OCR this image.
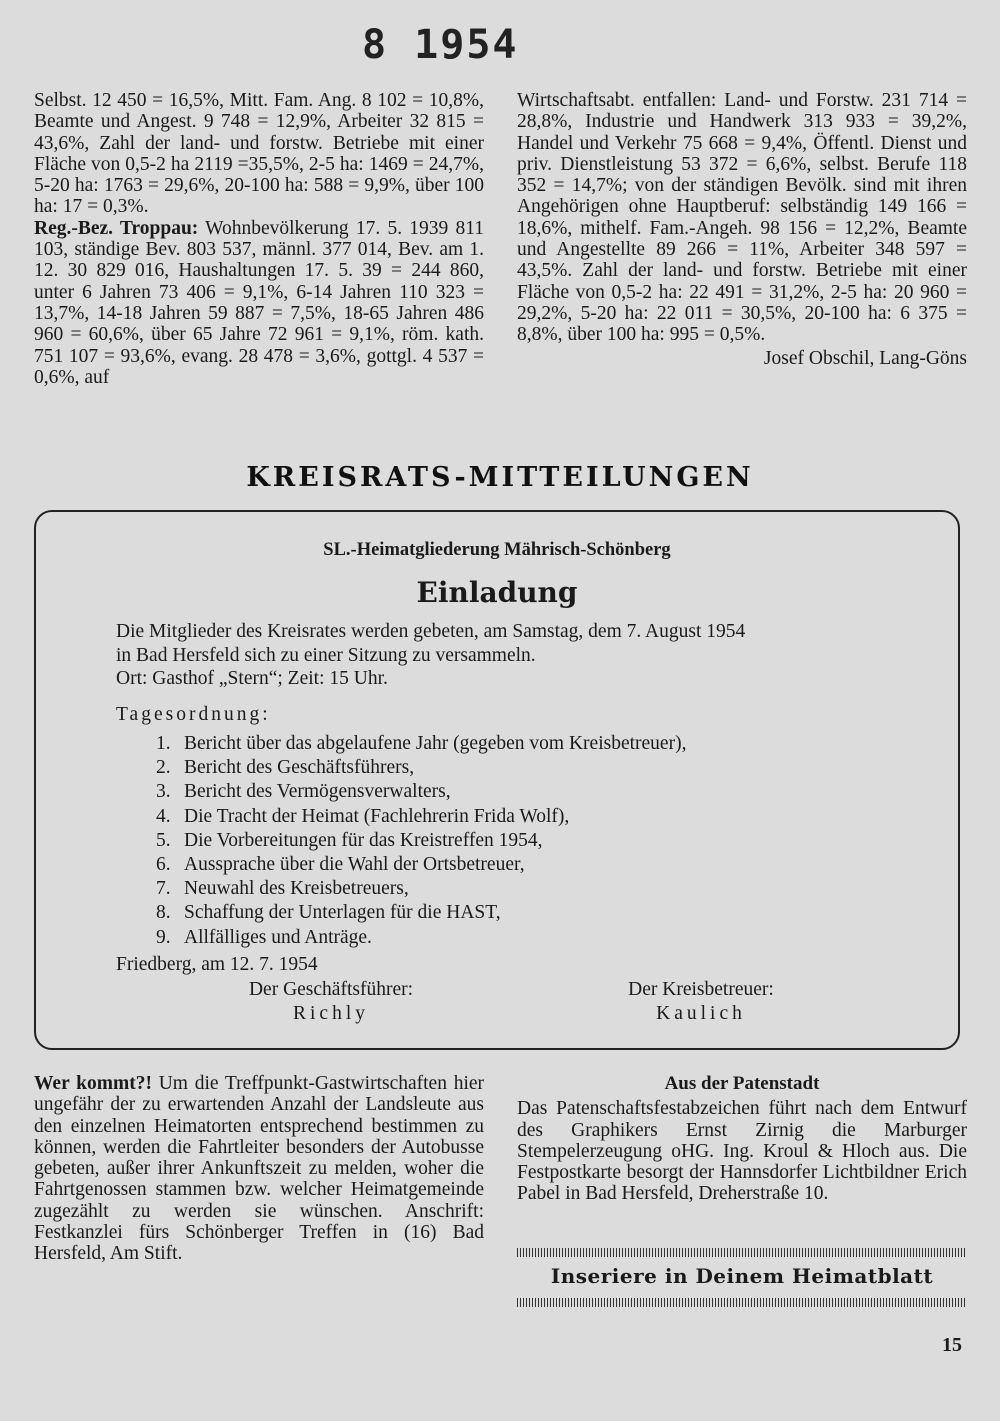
8 1954

Selbst. 12 450 = 16,5%, Mitt. Fam. Ang. 8 102 = 10,8%, Beamte und Angest. 9 748 = 12,9%, Arbeiter 32 815 = 43,6%, Zahl der land- und forstw. Betriebe mit einer Fläche von 0,5-2 ha 2119 =35,5%, 2-5 ha: 1469 = 24,7%, 5-20 ha: 1763 = 29,6%, 20-100 ha: 588 = 9,9%, über 100 ha: 17 = 0,3%.

Reg.-Bez. Troppau: Wohnbevölkerung 17. 5. 1939 811 103, ständige Bev. 803 537, männl. 377 014, Bev. am 1. 12. 30 829 016, Haushaltungen 17. 5. 39 = 244 860, unter 6 Jahren 73 406 = 9,1%, 6-14 Jahren 110 323 = 13,7%, 14-18 Jahren 59 887 = 7,5%, 18-65 Jahren 486 960 = 60,6%, über 65 Jahre 72 961 = 9,1%, röm. kath. 751 107 = 93,6%, evang. 28 478 = 3,6%, gottgl. 4 537 = 0,6%, auf

Wirtschaftsabt. entfallen: Land- und Forstw. 231 714 = 28,8%, Industrie und Handwerk 313 933 = 39,2%, Handel und Verkehr 75 668 = 9,4%, Öffentl. Dienst und priv. Dienstleistung 53 372 = 6,6%, selbst. Berufe 118 352 = 14,7%; von der ständigen Bevölk. sind mit ihren Angehörigen ohne Hauptberuf: selbständig 149 166 = 18,6%, mithelf. Fam.-Angeh. 98 156 = 12,2%, Beamte und Angestellte 89 266 = 11%, Arbeiter 348 597 = 43,5%. Zahl der land- und forstw. Betriebe mit einer Fläche von 0,5-2 ha: 22 491 = 31,2%, 2-5 ha: 20 960 = 29,2%, 5-20 ha: 22 011 = 30,5%, 20-100 ha: 6 375 = 8,8%, über 100 ha: 995 = 0,5%.

Josef Obschil, Lang-Göns

KREISRATS-MITTEILUNGEN
SL.-Heimatgliederung Mährisch-Schönberg
Einladung

Die Mitglieder des Kreisrates werden gebeten, am Samstag, dem 7. August 1954

in Bad Hersfeld sich zu einer Sitzung zu versammeln.

Ort: Gasthof „Stern“; Zeit: 15 Uhr.

Tagesordnung:
1. Bericht über das abgelaufene Jahr (gegeben vom Kreisbetreuer),
2. Bericht des Geschäftsführers,
3. Bericht des Vermögensverwalters,
4. Die Tracht der Heimat (Fachlehrerin Frida Wolf),
5. Die Vorbereitungen für das Kreistreffen 1954,
6. Aussprache über die Wahl der Ortsbetreuer,
7. Neuwahl des Kreisbetreuers,
8. Schaffung der Unterlagen für die HAST,
9. Allfälliges und Anträge.
Friedberg, am 12. 7. 1954
Der Geschäftsführer:
Richly
Der Kreisbetreuer:
Kaulich
Wer kommt?! Um die Treffpunkt-Gastwirtschaften hier ungefähr der zu erwartenden Anzahl der Landsleute aus den einzelnen Heimatorten entsprechend bestimmen zu können, werden die Fahrtleiter besonders der Autobusse gebeten, außer ihrer Ankunftszeit zu melden, woher die Fahrtgenossen stammen bzw. welcher Heimatgemeinde zugezählt zu werden sie wünschen. Anschrift: Festkanzlei fürs Schönberger Treffen in (16) Bad Hersfeld, Am Stift.
Aus der Patenstadt

Das Patenschaftsfestabzeichen führt nach dem Entwurf des Graphikers Ernst Zirnig die Marburger Stempelerzeugung oHG. Ing. Kroul & Hloch aus. Die Festpostkarte besorgt der Hannsdorfer Lichtbildner Erich Pabel in Bad Hersfeld, Dreherstraße 10.

Inseriere in Deinem Heimatblatt
15
